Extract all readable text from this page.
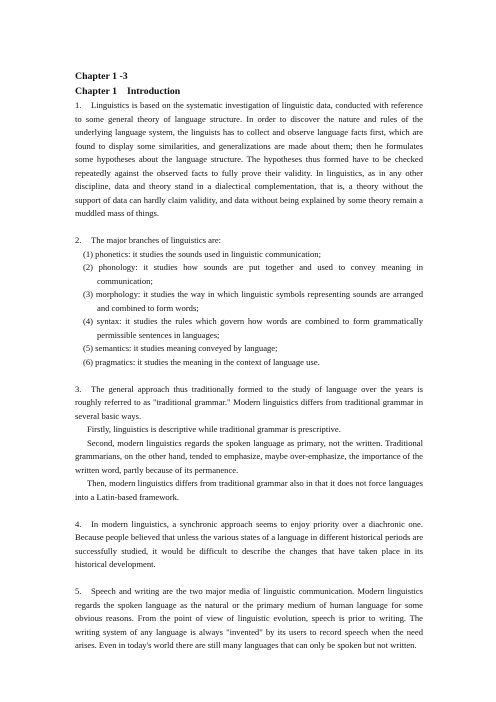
Chapter 1 -3
Chapter 1 Introduction

1. Linguistics is based on the systematic investigation of linguistic data, conducted with reference to some general theory of language structure. In order to discover the nature and rules of the underlying language system, the linguists has to collect and observe language facts first, which are found to display some similarities, and generalizations are made about them; then he formulates some hypotheses about the language structure. The hypotheses thus formed have to be checked repeatedly against the observed facts to fully prove their validity. In linguistics, as in any other discipline, data and theory stand in a dialectical complementation, that is, a theory without the support of data can hardly claim validity, and data without being explained by some theory remain a muddled mass of things.

2. The major branches of linguistics are:

(1) phonetics: it studies the sounds used in linguistic communication;
(2) phonology: it studies how sounds are put together and used to convey meaning in communication;
(3) morphology: it studies the way in which linguistic symbols representing sounds are arranged and combined to form words;
(4) syntax: it studies the rules which govern how words are combined to form grammatically permissible sentences in languages;
(5) semantics: it studies meaning conveyed by language;
(6) pragmatics: it studies the meaning in the context of language use.

3. The general approach thus traditionally formed to the study of language over the years is roughly referred to as "traditional grammar." Modern linguistics differs from traditional grammar in several basic ways.

Firstly, linguistics is descriptive while traditional grammar is prescriptive.

Second, modern linguistics regards the spoken language as primary, not the written. Traditional grammarians, on the other hand, tended to emphasize, maybe over-emphasize, the importance of the written word, partly because of its permanence.

Then, modern linguistics differs from traditional grammar also in that it does not force languages into a Latin-based framework.

4. In modern linguistics, a synchronic approach seems to enjoy priority over a diachronic one. Because people believed that unless the various states of a language in different historical periods are successfully studied, it would be difficult to describe the changes that have taken place in its historical development.

5. Speech and writing are the two major media of linguistic communication. Modern linguistics regards the spoken language as the natural or the primary medium of human language for some obvious reasons. From the point of view of linguistic evolution, speech is prior to writing. The writing system of any language is always "invented" by its users to record speech when the need arises. Even in today's world there are still many languages that can only be spoken but not written.
